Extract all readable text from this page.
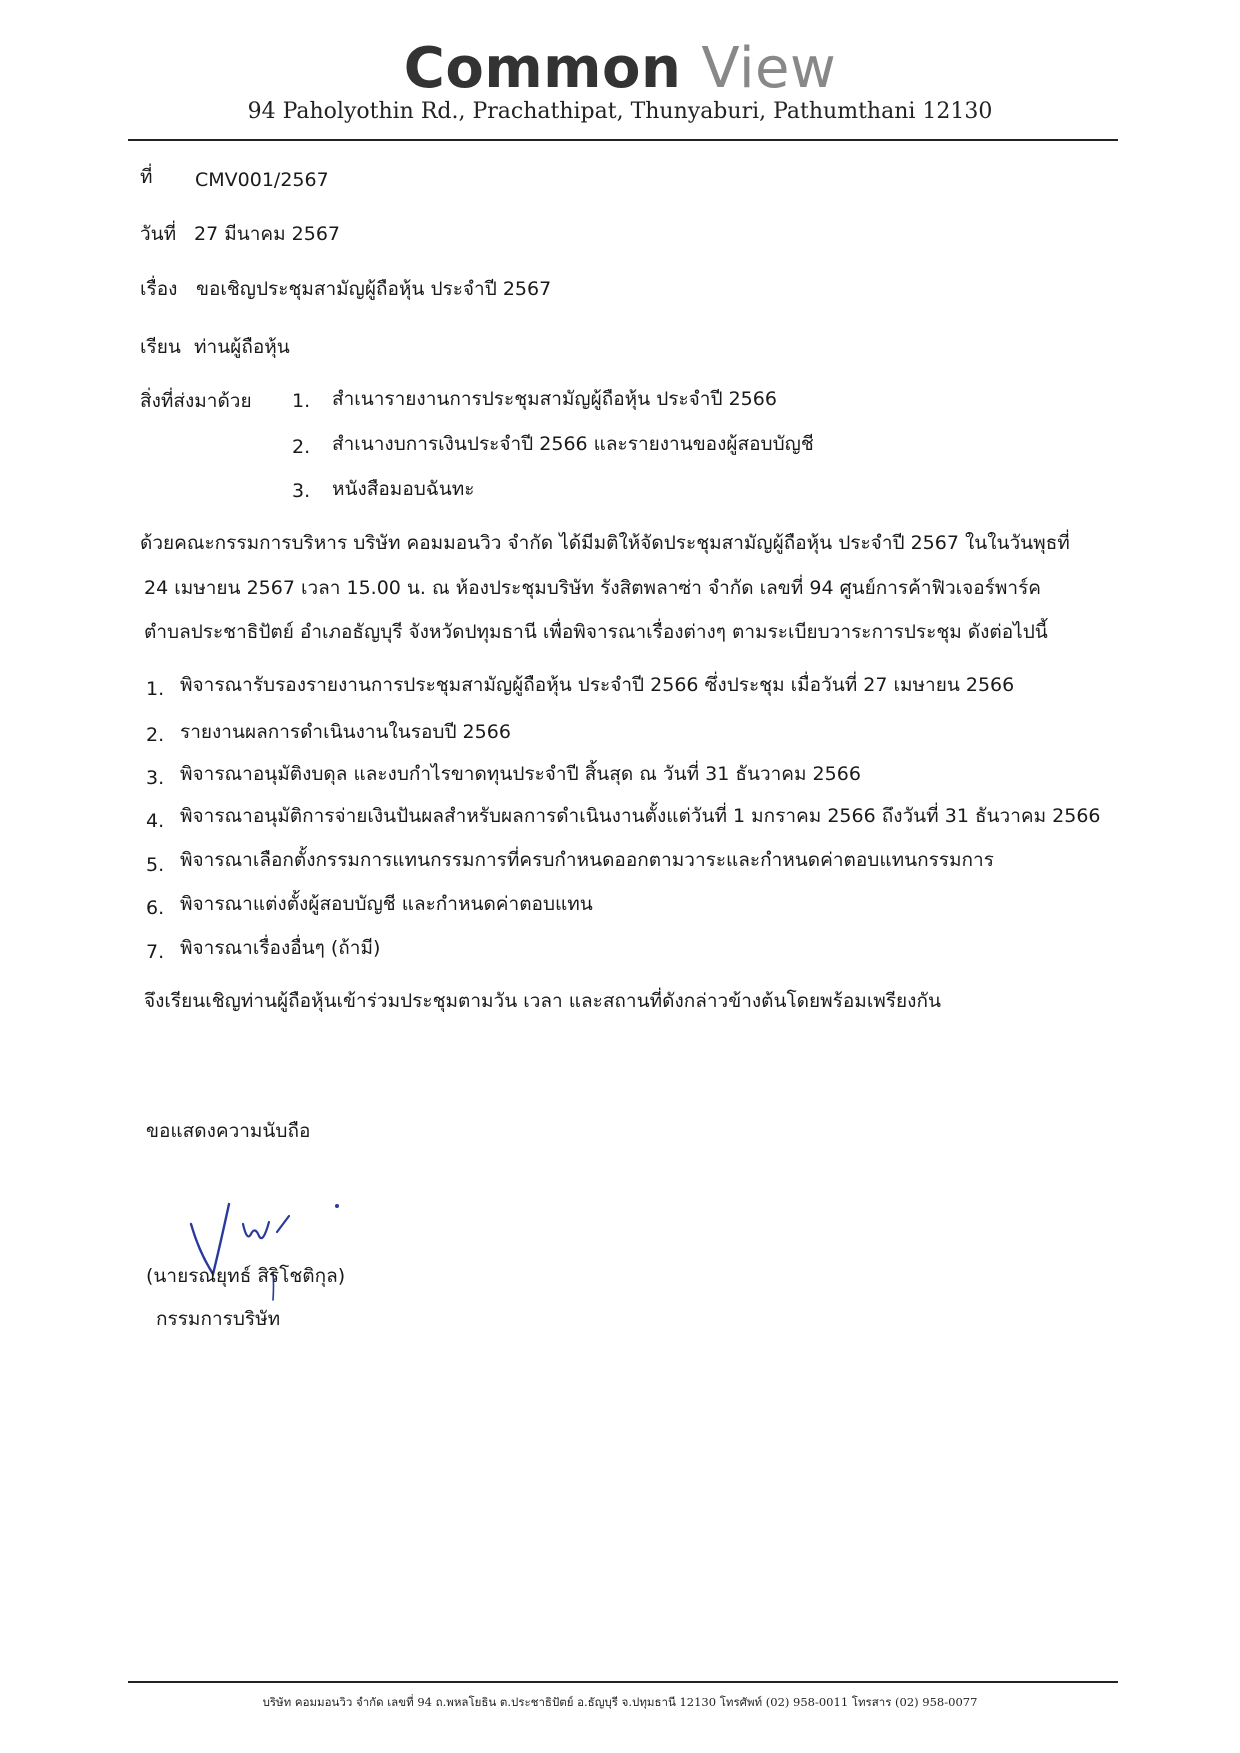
Common View
94 Paholyothin Rd., Prachathipat, Thunyaburi, Pathumthani 12130
ที่ CMV001/2567
วันที่ 27 มีนาคม 2567
เรื่อง ขอเชิญประชุมสามัญผู้ถือหุ้น ประจำปี 2567
เรียน ท่านผู้ถือหุ้น
สิ่งที่ส่งมาด้วย 1. สำเนารายงานการประชุมสามัญผู้ถือหุ้น ประจำปี 2566
2. สำเนางบการเงินประจำปี 2566 และรายงานของผู้สอบบัญชี
3. หนังสือมอบฉันทะ
ด้วยคณะกรรมการบริหาร บริษัท คอมมอนวิว จำกัด ได้มีมติให้จัดประชุมสามัญผู้ถือหุ้น ประจำปี 2567 ในในวันพุธที่
24 เมษายน 2567 เวลา 15.00 น. ณ ห้องประชุมบริษัท รังสิตพลาซ่า จำกัด เลขที่ 94 ศูนย์การค้าฟิวเจอร์พาร์ค
ตำบลประชาธิปัตย์ อำเภอธัญบุรี จังหวัดปทุมธานี เพื่อพิจารณาเรื่องต่างๆ ตามระเบียบวาระการประชุม ดังต่อไปนี้
1. พิจารณารับรองรายงานการประชุมสามัญผู้ถือหุ้น ประจำปี 2566 ซึ่งประชุม เมื่อวันที่ 27 เมษายน 2566
2. รายงานผลการดำเนินงานในรอบปี 2566
3. พิจารณาอนุมัติงบดุล และงบกำไรขาดทุนประจำปี สิ้นสุด ณ วันที่ 31 ธันวาคม 2566
4. พิจารณาอนุมัติการจ่ายเงินปันผลสำหรับผลการดำเนินงานตั้งแต่วันที่ 1 มกราคม 2566 ถึงวันที่ 31 ธันวาคม 2566
5. พิจารณาเลือกตั้งกรรมการแทนกรรมการที่ครบกำหนดออกตามวาระและกำหนดค่าตอบแทนกรรมการ
6. พิจารณาแต่งตั้งผู้สอบบัญชี และกำหนดค่าตอบแทน
7. พิจารณาเรื่องอื่นๆ (ถ้ามี)
จึงเรียนเชิญท่านผู้ถือหุ้นเข้าร่วมประชุมตามวัน เวลา และสถานที่ดังกล่าวข้างต้นโดยพร้อมเพรียงกัน
ขอแสดงความนับถือ
(นายรณยุทธ์ สิริโชติกุล)
กรรมการบริษัท
บริษัท คอมมอนวิว จำกัด เลขที่ 94 ถ.พหลโยธิน ต.ประชาธิปัตย์ อ.ธัญบุรี จ.ปทุมธานี 12130 โทรศัพท์ (02) 958-0011 โทรสาร (02) 958-0077
